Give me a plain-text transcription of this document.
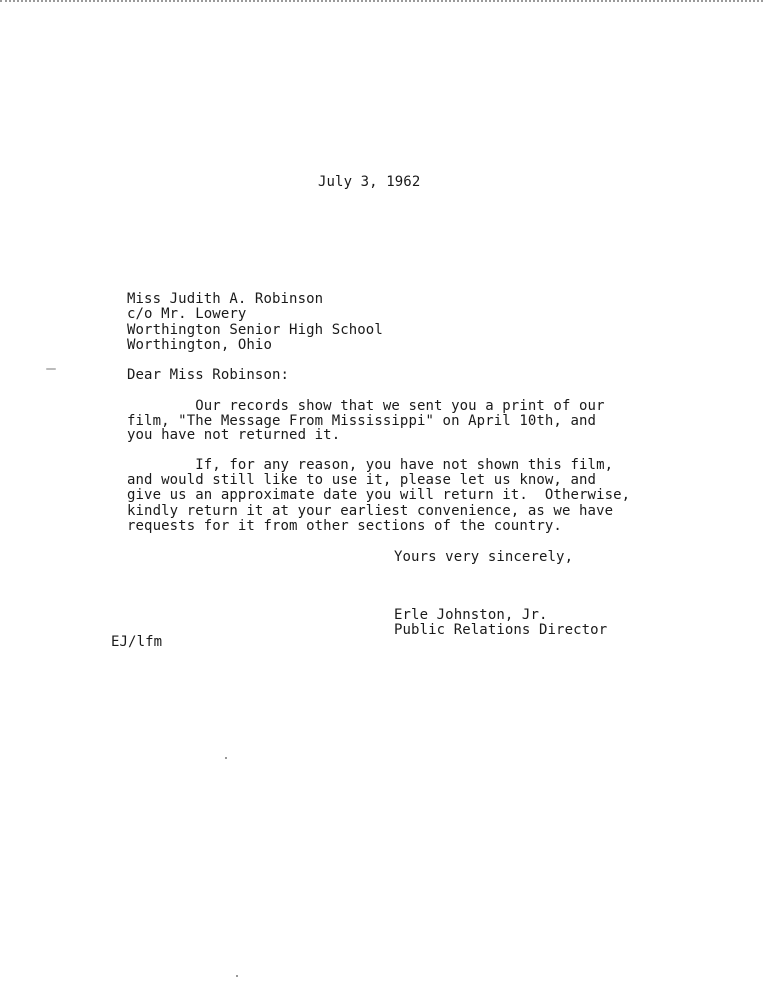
July 3, 1962
Miss Judith A. Robinson
c/o Mr. Lowery
Worthington Senior High School
Worthington, Ohio
Dear Miss Robinson:
Our records show that we sent you a print of our
film, "The Message From Mississippi" on April 10th, and
you have not returned it.
If, for any reason, you have not shown this film,
and would still like to use it, please let us know, and
give us an approximate date you will return it.  Otherwise,
kindly return it at your earliest convenience, as we have
requests for it from other sections of the country.
Yours very sincerely,
Erle Johnston, Jr.
Public Relations Director
EJ/lfm
